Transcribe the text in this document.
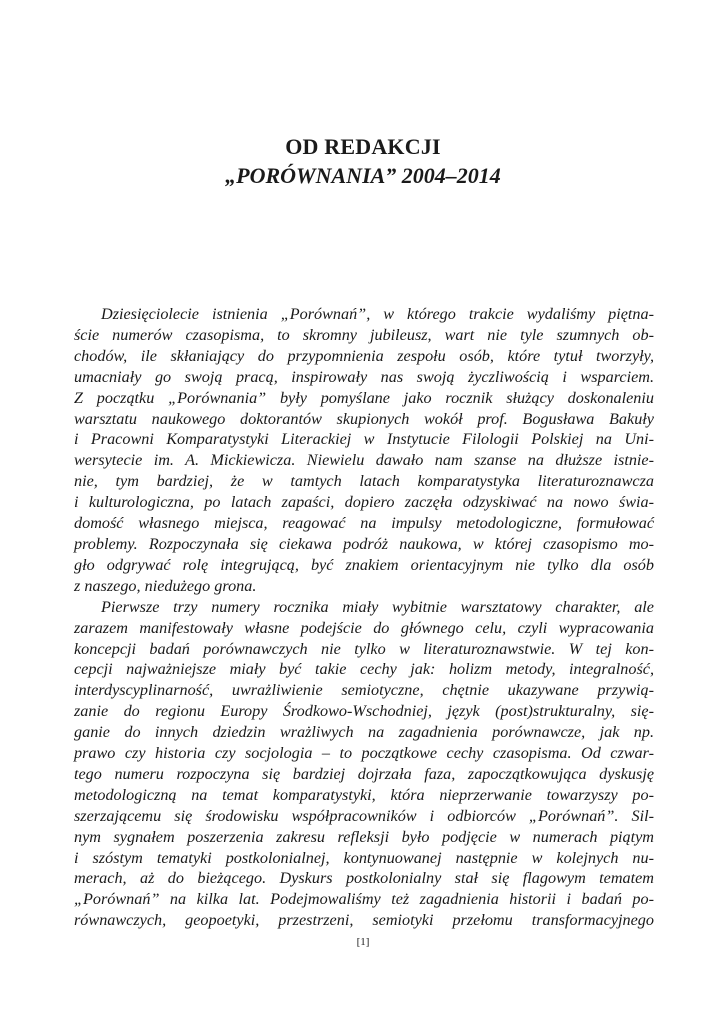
OD REDAKCJI
„PORÓWNANIA” 2004–2014
Dziesięciolecie istnienia „Porównań”, w którego trakcie wydaliśmy piętna-
ście numerów czasopisma, to skromny jubileusz, wart nie tyle szumnych ob-
chodów, ile skłaniający do przypomnienia zespołu osób, które tytuł tworzyły,
umacniały go swoją pracą, inspirowały nas swoją życzliwością i wsparciem.
Z początku „Porównania” były pomyślane jako rocznik służący doskonaleniu
warsztatu naukowego doktorantów skupionych wokół prof. Bogusława Bakuły
i Pracowni Komparatystyki Literackiej w Instytucie Filologii Polskiej na Uni-
wersytecie im. A. Mickiewicza. Niewielu dawało nam szanse na dłuższe istnie-
nie, tym bardziej, że w tamtych latach komparatystyka literaturoznawcza
i kulturologiczna, po latach zapaści, dopiero zaczęła odzyskiwać na nowo świa-
domość własnego miejsca, reagować na impulsy metodologiczne, formułować
problemy. Rozpoczynała się ciekawa podróż naukowa, w której czasopismo mo-
gło odgrywać rolę integrującą, być znakiem orientacyjnym nie tylko dla osób
z naszego, niedużego grona.
Pierwsze trzy numery rocznika miały wybitnie warsztatowy charakter, ale
zarazem manifestowały własne podejście do głównego celu, czyli wypracowania
koncepcji badań porównawczych nie tylko w literaturoznawstwie. W tej kon-
cepcji najważniejsze miały być takie cechy jak: holizm metody, integralność,
interdyscyplinarność, uwrażliwienie semiotyczne, chętnie ukazywane przywią-
zanie do regionu Europy Środkowo-Wschodniej, język (post)strukturalny, się-
ganie do innych dziedzin wrażliwych na zagadnienia porównawcze, jak np.
prawo czy historia czy socjologia – to początkowe cechy czasopisma. Od czwar-
tego numeru rozpoczyna się bardziej dojrzała faza, zapoczątkowująca dyskusję
metodologiczną na temat komparatystyki, która nieprzerwanie towarzyszy po-
szerzającemu się środowisku współpracowników i odbiorców „Porównań”. Sil-
nym sygnałem poszerzenia zakresu refleksji było podjęcie w numerach piątym
i szóstym tematyki postkolonialnej, kontynuowanej następnie w kolejnych nu-
merach, aż do bieżącego. Dyskurs postkolonialny stał się flagowym tematem
„Porównań” na kilka lat. Podejmowaliśmy też zagadnienia historii i badań po-
równawczych, geopoetyki, przestrzeni, semiotyki przełomu transformacyjnego
[1]
